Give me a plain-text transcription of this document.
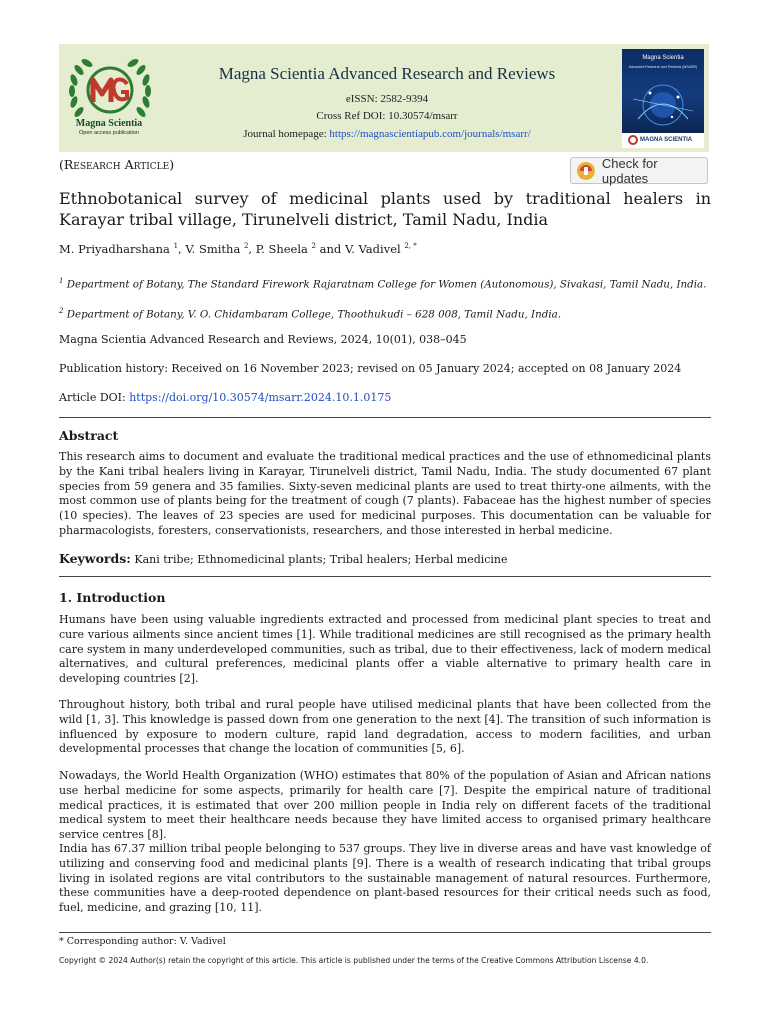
Magna Scientia
Open access publication
Magna Scientia Advanced Research and Reviews
eISSN: 2582-9394
Cross Ref DOI: 10.30574/msarr
Journal homepage: https://magnascientiapub.com/journals/msarr/
Magna Scientia
Advanced Research and Reviews (MSARR)
MAGNA SCIENTIA
(Research Article)	Check for updates
Ethnobotanical survey of medicinal plants used by traditional healers in Karayar tribal village, Tirunelveli district, Tamil Nadu, India
M. Priyadharshana $^1$, V. Smitha $^2$, P. Sheela $^2$ and V. Vadivel $^{2, *}$
$^1$ Department of Botany, The Standard Firework Rajaratnam College for Women (Autonomous), Sivakasi, Tamil Nadu, India.
$^2$ Department of Botany, V. O. Chidambaram College, Thoothukudi – 628 008, Tamil Nadu, India.
Magna Scientia Advanced Research and Reviews, 2024, 10(01), 038–045
Publication history: Received on 16 November 2023; revised on 05 January 2024; accepted on 08 January 2024
Article DOI: https://doi.org/10.30574/msarr.2024.10.1.0175
Abstract
This research aims to document and evaluate the traditional medical practices and the use of ethnomedicinal plants by the Kani tribal healers living in Karayar, Tirunelveli district, Tamil Nadu, India. The study documented 67 plant species from 59 genera and 35 families. Sixty-seven medicinal plants are used to treat thirty-one ailments, with the most common use of plants being for the treatment of cough (7 plants). Fabaceae has the highest number of species (10 species). The leaves of 23 species are used for medicinal purposes. This documentation can be valuable for pharmacologists, foresters, conservationists, researchers, and those interested in herbal medicine.
Keywords: Kani tribe; Ethnomedicinal plants; Tribal healers; Herbal medicine
1. Introduction
Humans have been using valuable ingredients extracted and processed from medicinal plant species to treat and cure various ailments since ancient times [1]. While traditional medicines are still recognised as the primary health care system in many underdeveloped communities, such as tribal, due to their effectiveness, lack of modern medical alternatives, and cultural preferences, medicinal plants offer a viable alternative to primary health care in developing countries [2].
Throughout history, both tribal and rural people have utilised medicinal plants that have been collected from the wild [1, 3]. This knowledge is passed down from one generation to the next [4]. The transition of such information is influenced by exposure to modern culture, rapid land degradation, access to modern facilities, and urban developmental processes that change the location of communities [5, 6].
Nowadays, the World Health Organization (WHO) estimates that 80% of the population of Asian and African nations use herbal medicine for some aspects, primarily for health care [7]. Despite the empirical nature of traditional medical practices, it is estimated that over 200 million people in India rely on different facets of the traditional medical system to meet their healthcare needs because they have limited access to organised primary healthcare service centres [8].
India has 67.37 million tribal people belonging to 537 groups. They live in diverse areas and have vast knowledge of utilizing and conserving food and medicinal plants [9]. There is a wealth of research indicating that tribal groups living in isolated regions are vital contributors to the sustainable management of natural resources. Furthermore, these communities have a deep-rooted dependence on plant-based resources for their critical needs such as food, fuel, medicine, and grazing [10, 11].
* Corresponding author: V. Vadivel
Copyright © 2024 Author(s) retain the copyright of this article. This article is published under the terms of the Creative Commons Attribution Liscense 4.0.
